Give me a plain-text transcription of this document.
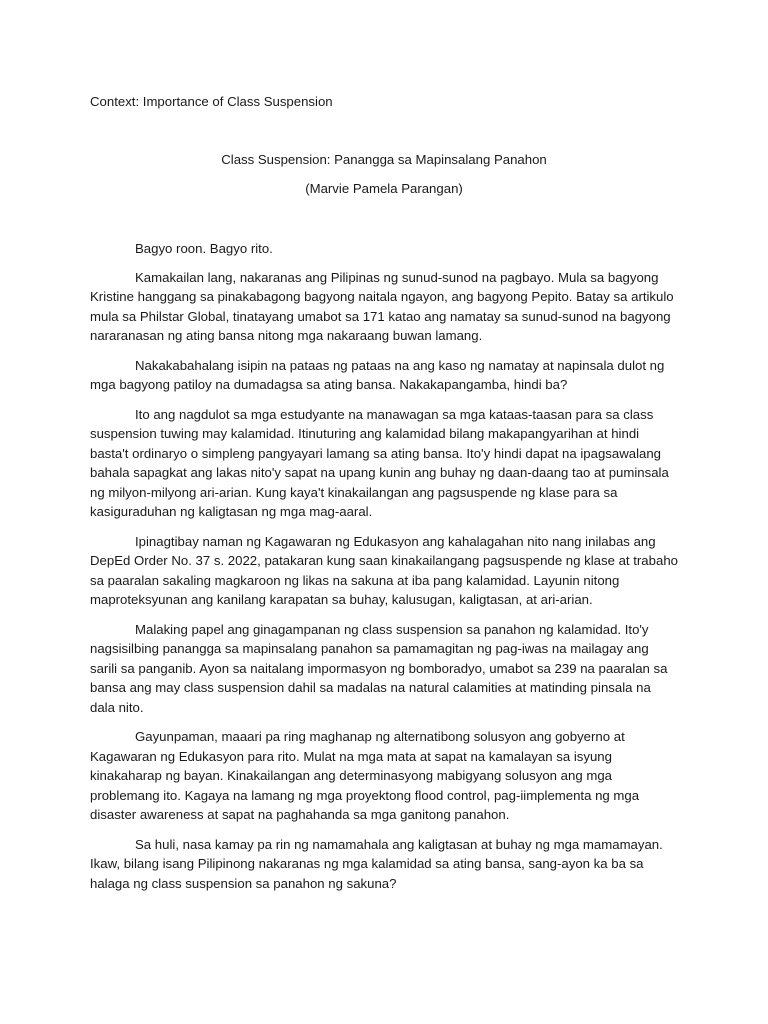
Context: Importance of Class Suspension
Class Suspension: Panangga sa Mapinsalang Panahon
(Marvie Pamela Parangan)

Bagyo roon. Bagyo rito.

Kamakailan lang, nakaranas ang Pilipinas ng sunud-sunod na pagbayo. Mula sa bagyong Kristine hanggang sa pinakabagong bagyong naitala ngayon, ang bagyong Pepito. Batay sa artikulo mula sa Philstar Global, tinatayang umabot sa 171 katao ang namatay sa sunud-sunod na bagyong nararanasan ng ating bansa nitong mga nakaraang buwan lamang.

Nakakabahalang isipin na pataas ng pataas na ang kaso ng namatay at napinsala dulot ng mga bagyong patiloy na dumadagsa sa ating bansa. Nakakapangamba, hindi ba?

Ito ang nagdulot sa mga estudyante na manawagan sa mga kataas-taasan para sa class suspension tuwing may kalamidad. Itinuturing ang kalamidad bilang makapangyarihan at hindi basta't ordinaryo o simpleng pangyayari lamang sa ating bansa. Ito'y hindi dapat na ipagsawalang bahala sapagkat ang lakas nito'y sapat na upang kunin ang buhay ng daan-daang tao at puminsala ng milyon-milyong ari-arian. Kung kaya't kinakailangan ang pagsuspende ng klase para sa kasiguraduhan ng kaligtasan ng mga mag-aaral.

Ipinagtibay naman ng Kagawaran ng Edukasyon ang kahalagahan nito nang inilabas ang DepEd Order No. 37 s. 2022, patakaran kung saan kinakailangang pagsuspende ng klase at trabaho sa paaralan sakaling magkaroon ng likas na sakuna at iba pang kalamidad. Layunin nitong maproteksyunan ang kanilang karapatan sa buhay, kalusugan, kaligtasan, at ari-arian.

Malaking papel ang ginagampanan ng class suspension sa panahon ng kalamidad. Ito'y nagsisilbing panangga sa mapinsalang panahon sa pamamagitan ng pag-iwas na mailagay ang sarili sa panganib. Ayon sa naitalang impormasyon ng bomboradyo, umabot sa 239 na paaralan sa bansa ang may class suspension dahil sa madalas na natural calamities at matinding pinsala na dala nito.

Gayunpaman, maaari pa ring maghanap ng alternatibong solusyon ang gobyerno at Kagawaran ng Edukasyon para rito. Mulat na mga mata at sapat na kamalayan sa isyung kinakaharap ng bayan. Kinakailangan ang determinasyong mabigyang solusyon ang mga problemang ito. Kagaya na lamang ng mga proyektong flood control, pag-iimplementa ng mga disaster awareness at sapat na paghahanda sa mga ganitong panahon.

Sa huli, nasa kamay pa rin ng namamahala ang kaligtasan at buhay ng mga mamamayan. Ikaw, bilang isang Pilipinong nakaranas ng mga kalamidad sa ating bansa, sang-ayon ka ba sa halaga ng class suspension sa panahon ng sakuna?
